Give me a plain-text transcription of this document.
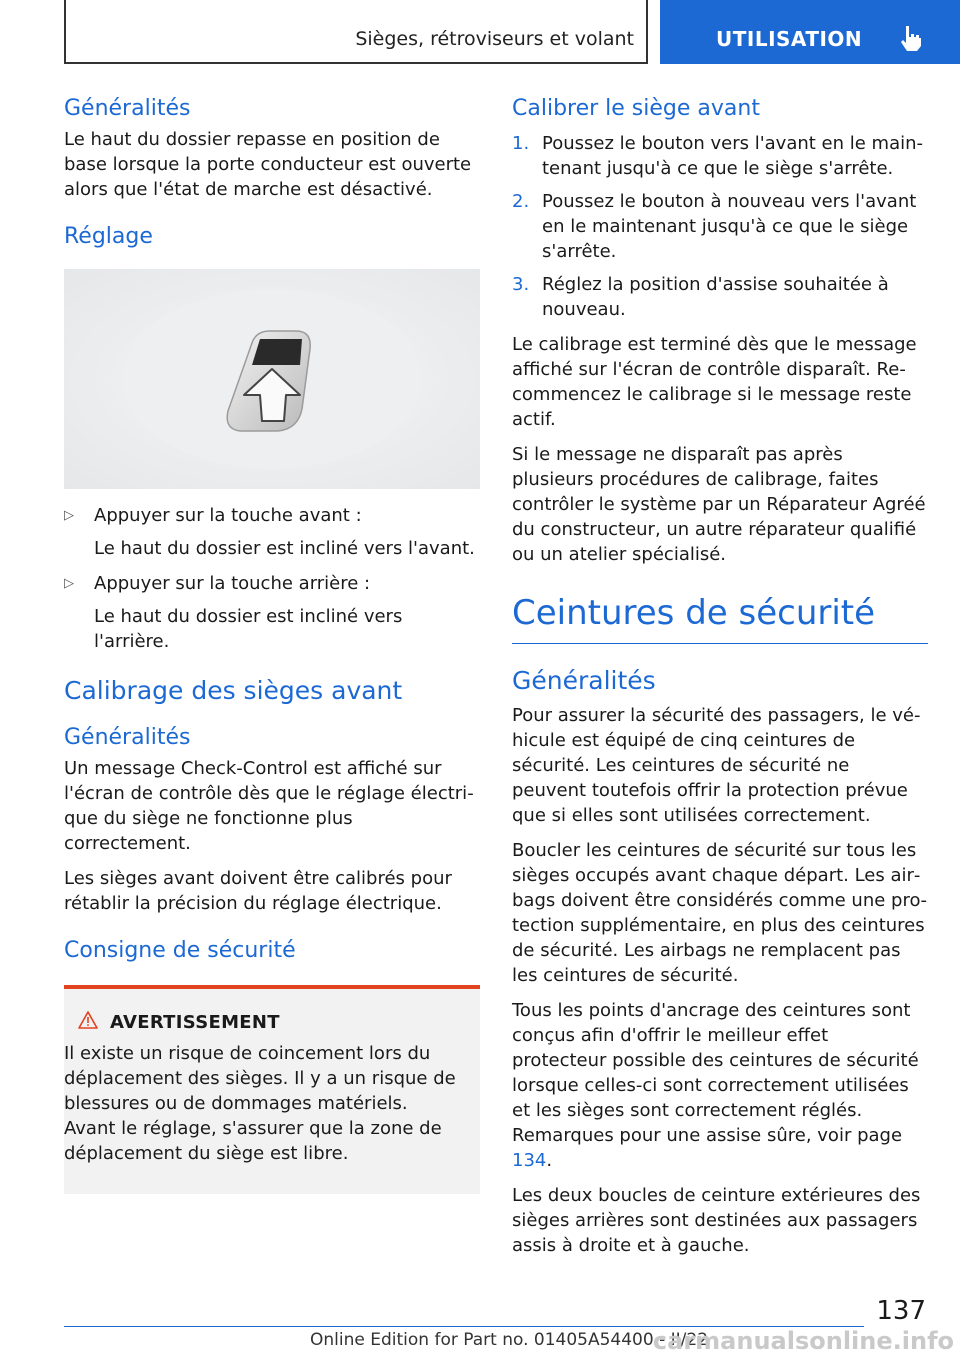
Sièges, rétroviseurs et volant	UTILISATION
Généralités

Le haut du dossier repasse en position de base lorsque la porte conducteur est ouverte alors que l'état de marche est désactivé.

Réglage
▷ Appuyer sur la touche avant :
Le haut du dossier est incliné vers l'avant.
▷ Appuyer sur la touche arrière :
Le haut du dossier est incliné vers l'arrière.
Calibrage des sièges avant
Généralités

Un message Check-Control est affiché sur l'écran de contrôle dès que le réglage électrique du siège ne fonctionne plus correctement.

Les sièges avant doivent être calibrés pour rétablir la précision du réglage électrique.

Consigne de sécurité
AVERTISSEMENT

Il existe un risque de coincement lors du déplacement des sièges. Il y a un risque de blessures ou de dommages matériels. Avant le réglage, s'assurer que la zone de déplacement du siège est libre.

Calibrer le siège avant
1. Poussez le bouton vers l'avant en le maintenant jusqu'à ce que le siège s'arrête.
2. Poussez le bouton à nouveau vers l'avant en le maintenant jusqu'à ce que le siège s'arrête.
3. Réglez la position d'assise souhaitée à nouveau.

Le calibrage est terminé dès que le message affiché sur l'écran de contrôle disparaît. Recommencez le calibrage si le message reste actif.

Si le message ne disparaît pas après plusieurs procédures de calibrage, faites contrôler le système par un Réparateur Agréé du constructeur, un autre réparateur qualifié ou un atelier spécialisé.

Ceintures de sécurité
Généralités

Pour assurer la sécurité des passagers, le véhicule est équipé de cinq ceintures de sécurité. Les ceintures de sécurité ne peuvent toutefois offrir la protection prévue que si elles sont utilisées correctement.

Boucler les ceintures de sécurité sur tous les sièges occupés avant chaque départ. Les airbags doivent être considérés comme une protection supplémentaire, en plus des ceintures de sécurité. Les airbags ne remplacent pas les ceintures de sécurité.

Tous les points d'ancrage des ceintures sont conçus afin d'offrir le meilleur effet protecteur possible des ceintures de sécurité lorsque celles-ci sont correctement utilisées et les sièges sont correctement réglés. Remarques pour une assise sûre, voir page 134.

Les deux boucles de ceinture extérieures des sièges arrières sont destinées aux passagers assis à droite et à gauche.

137
Online Edition for Part no. 01405A54400 - II/22
carmanualsonline.info
